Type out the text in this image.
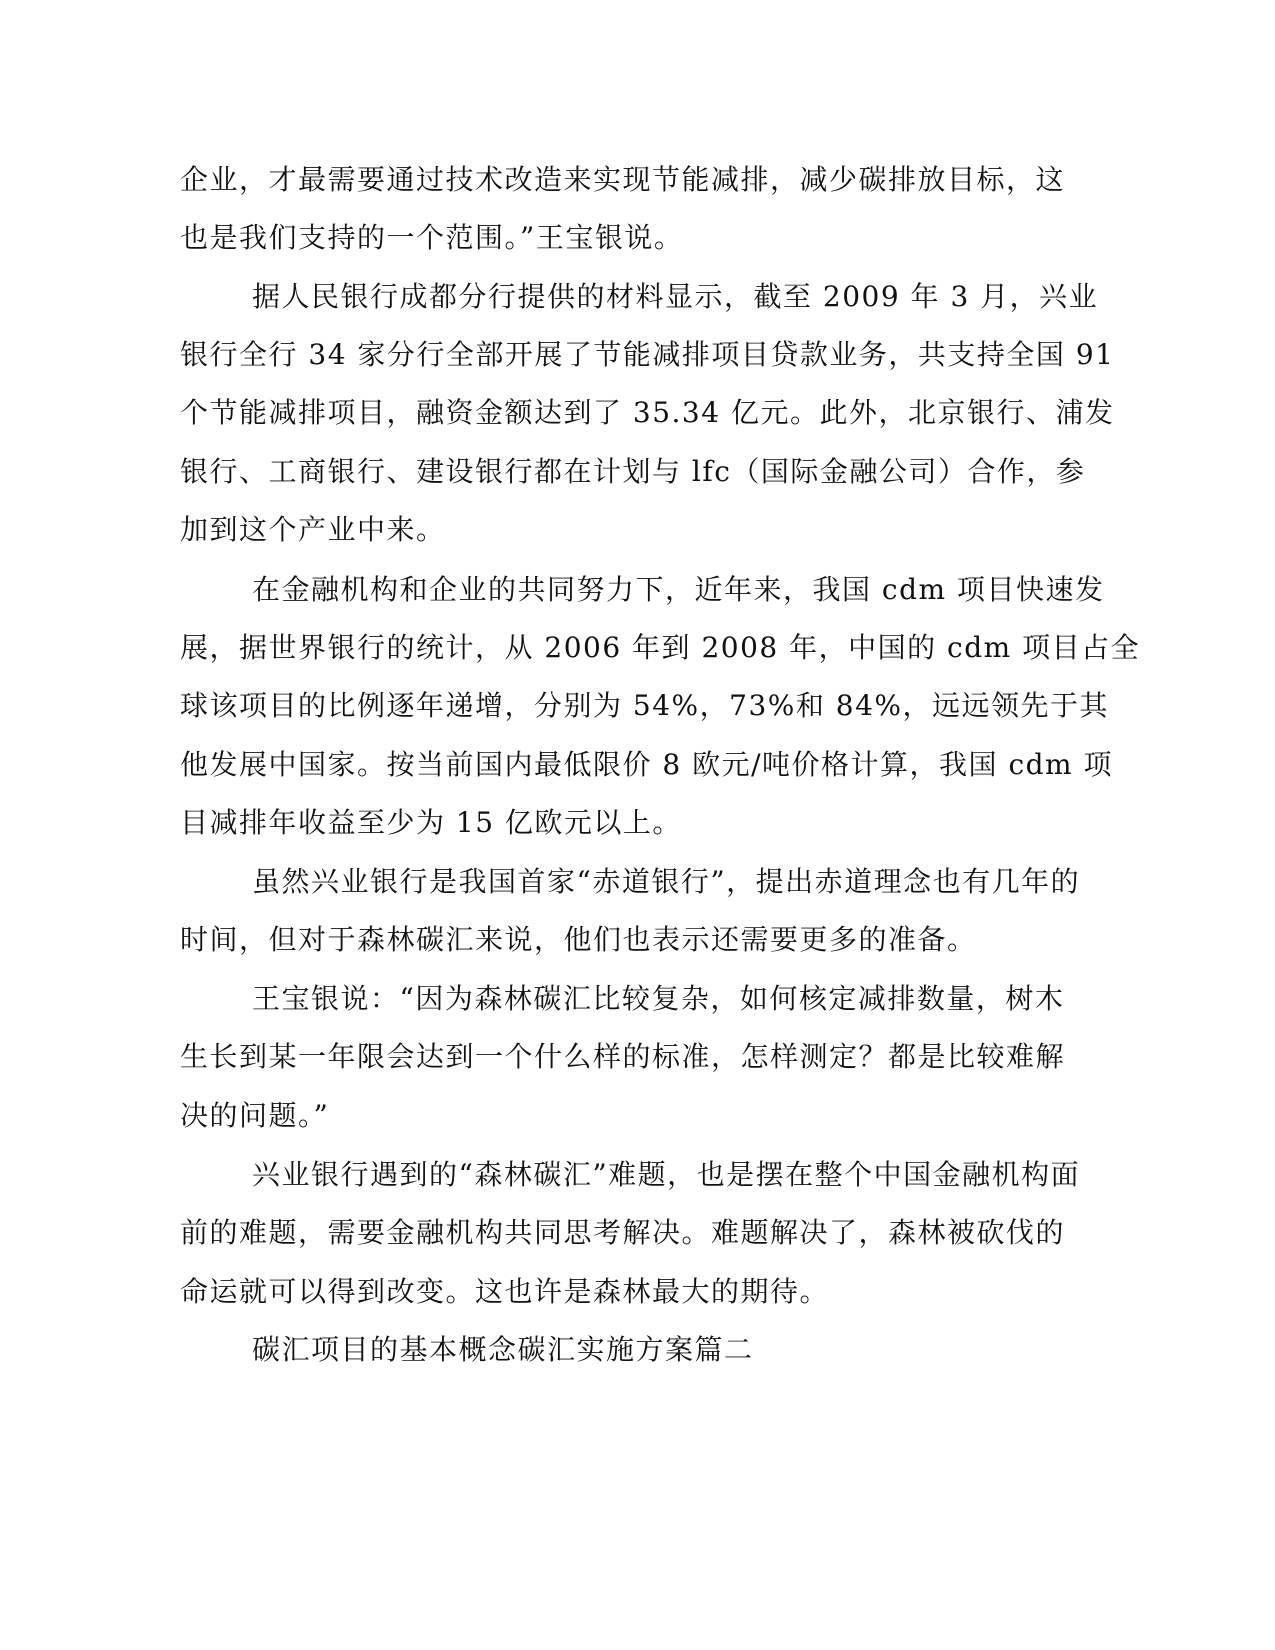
企业，才最需要通过技术改造来实现节能减排，减少碳排放目标，这
也是我们支持的一个范围。”王宝银说。
据人民银行成都分行提供的材料显示，截至 2009 年 3 月，兴业
银行全行 34 家分行全部开展了节能减排项目贷款业务，共支持全国 91
个节能减排项目，融资金额达到了 35.34 亿元。此外，北京银行、浦发
银行、工商银行、建设银行都在计划与 lfc（国际金融公司）合作，参
加到这个产业中来。
在金融机构和企业的共同努力下，近年来，我国 cdm 项目快速发
展，据世界银行的统计，从 2006 年到 2008 年，中国的 cdm 项目占全
球该项目的比例逐年递增，分别为 54%，73%和 84%，远远领先于其
他发展中国家。按当前国内最低限价 8 欧元/吨价格计算，我国 cdm 项
目减排年收益至少为 15 亿欧元以上。
虽然兴业银行是我国首家“赤道银行”，提出赤道理念也有几年的
时间，但对于森林碳汇来说，他们也表示还需要更多的准备。
王宝银说：“因为森林碳汇比较复杂，如何核定减排数量，树木
生长到某一年限会达到一个什么样的标准，怎样测定？都是比较难解
决的问题。”
兴业银行遇到的“森林碳汇”难题，也是摆在整个中国金融机构面
前的难题，需要金融机构共同思考解决。难题解决了，森林被砍伐的
命运就可以得到改变。这也许是森林最大的期待。
碳汇项目的基本概念碳汇实施方案篇二
